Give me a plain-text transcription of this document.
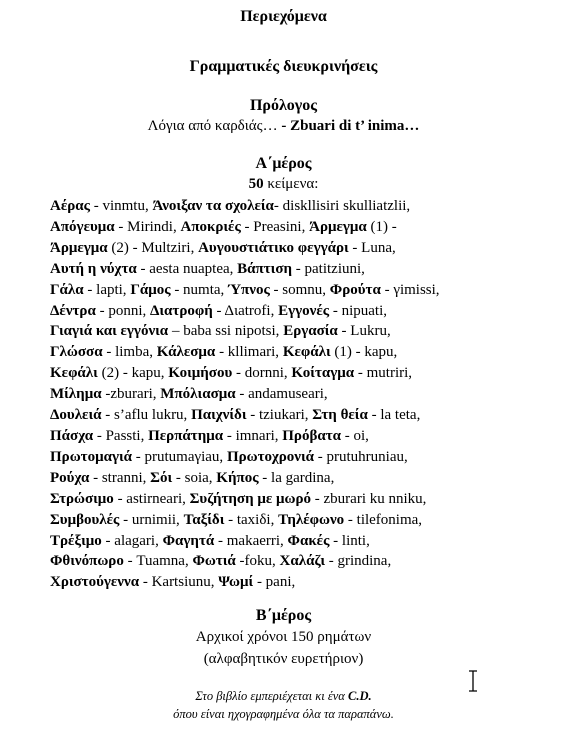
Περιεχόμενα
Γραμματικές διευκρινήσεις
Πρόλογος
Λόγια από καρδιάς… - Zbuari di t’ inima…
Α΄μέρος
50 κείμενα:
Αέρας - vinmtu, Άνοιξαν τα σχολεία- diskllisiri skulliatzlii,
Απόγευμα - Mirindi, Αποκριές - Preasini, Άρμεγμα (1) -
Άρμεγμα (2) - Multziri, Αυγουστιάτικο φεγγάρι - Luna,
Αυτή η νύχτα - aesta nuaptea, Βάπτιση - patitziuni,
Γάλα - lapti, Γάμος - numta, Ύπνος - somnu, Φρούτα - γimissi,
Δέντρα - ponni, Διατροφή - Διatrofi, Εγγονές - nipuati,
Γιαγιά και εγγόνια – baba ssi nipotsi, Εργασία - Lukru,
Γλώσσα - limba, Κάλεσμα - kllimari, Κεφάλι (1) - kapu,
Κεφάλι (2) - kapu, Κοιμήσου - dornni, Κοίταγμα - mutriri,
Μίλημα -zburari, Μπόλιασμα - andamuseari,
Δουλειά - s’aflu lukru, Παιχνίδι - tziukari, Στη θεία - la teta,
Πάσχα - Passti, Περπάτημα - imnari, Πρόβατα - oi,
Πρωτομαγιά - prutumaγiau, Πρωτοχρονιά - prutuhruniau,
Ρούχα - stranni, Σόι - soia, Κήπος - la gardina,
Στρώσιμο - astirneari, Συζήτηση με μωρό - zburari ku nniku,
Συμβουλές - urnimii, Ταξίδι - taxiδi, Τηλέφωνο - tilefonima,
Τρέξιμο - alagari, Φαγητά - makaerri, Φακές - linti,
Φθινόπωρο - Tuamna, Φωτιά -foku, Χαλάζι - grindina,
Χριστούγεννα - Kartsiunu, Ψωμί - pani,
Β΄μέρος
Αρχικοί χρόνοι 150 ρημάτων
(αλφαβητικόν ευρετήριον)
Στο βιβλίο εμπεριέχεται κι ένα C.D.
όπου είναι ηχογραφημένα όλα τα παραπάνω.
